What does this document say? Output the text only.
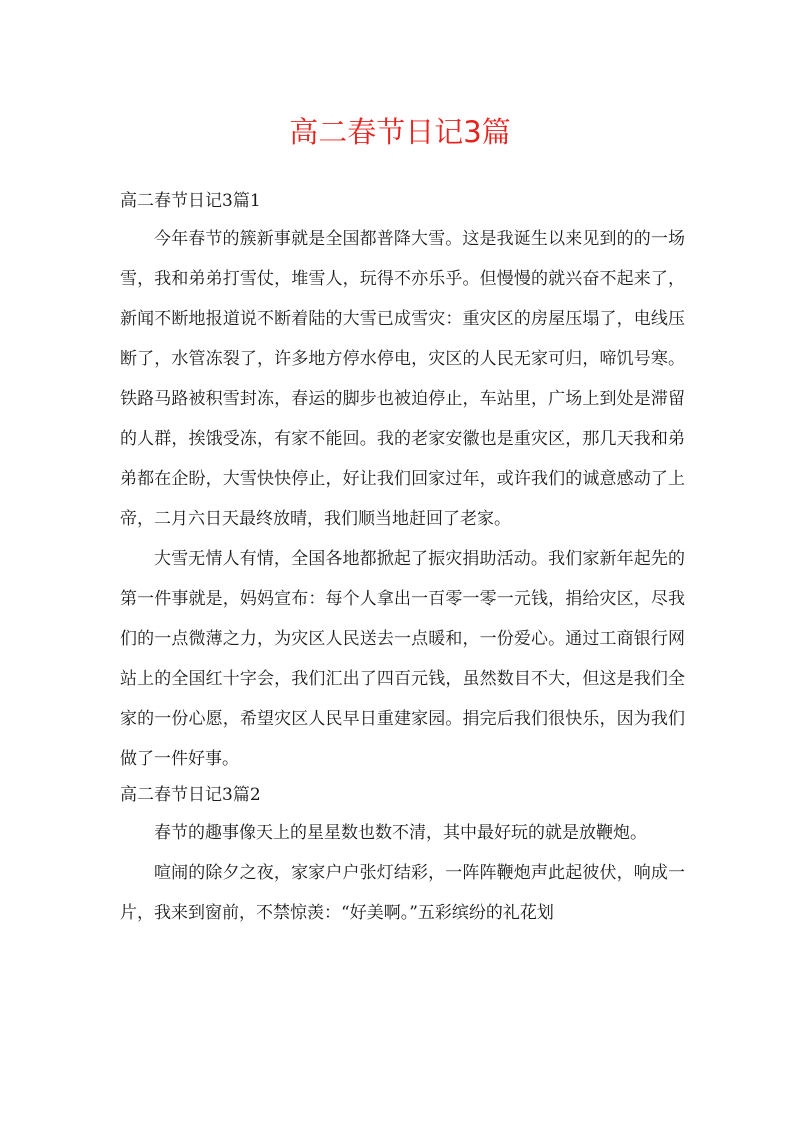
高二春节日记3篇
高二春节日记3篇1

今年春节的簇新事就是全国都普降大雪。这是我诞生以来见到的的一场雪，我和弟弟打雪仗，堆雪人，玩得不亦乐乎。但慢慢的就兴奋不起来了，新闻不断地报道说不断着陆的大雪已成雪灾：重灾区的房屋压塌了，电线压断了，水管冻裂了，许多地方停水停电，灾区的人民无家可归，啼饥号寒。铁路马路被积雪封冻，春运的脚步也被迫停止，车站里，广场上到处是滞留的人群，挨饿受冻，有家不能回。我的老家安徽也是重灾区，那几天我和弟弟都在企盼，大雪快快停止，好让我们回家过年，或许我们的诚意感动了上帝，二月六日天最终放晴，我们顺当地赶回了老家。

大雪无情人有情，全国各地都掀起了振灾捐助活动。我们家新年起先的第一件事就是，妈妈宣布：每个人拿出一百零一零一元钱，捐给灾区，尽我们的一点微薄之力，为灾区人民送去一点暖和，一份爱心。通过工商银行网站上的全国红十字会，我们汇出了四百元钱，虽然数目不大，但这是我们全家的一份心愿，希望灾区人民早日重建家园。捐完后我们很快乐，因为我们做了一件好事。

高二春节日记3篇2

春节的趣事像天上的星星数也数不清，其中最好玩的就是放鞭炮。

喧闹的除夕之夜，家家户户张灯结彩，一阵阵鞭炮声此起彼伏，响成一片，我来到窗前，不禁惊羡：“好美啊。”五彩缤纷的礼花划
